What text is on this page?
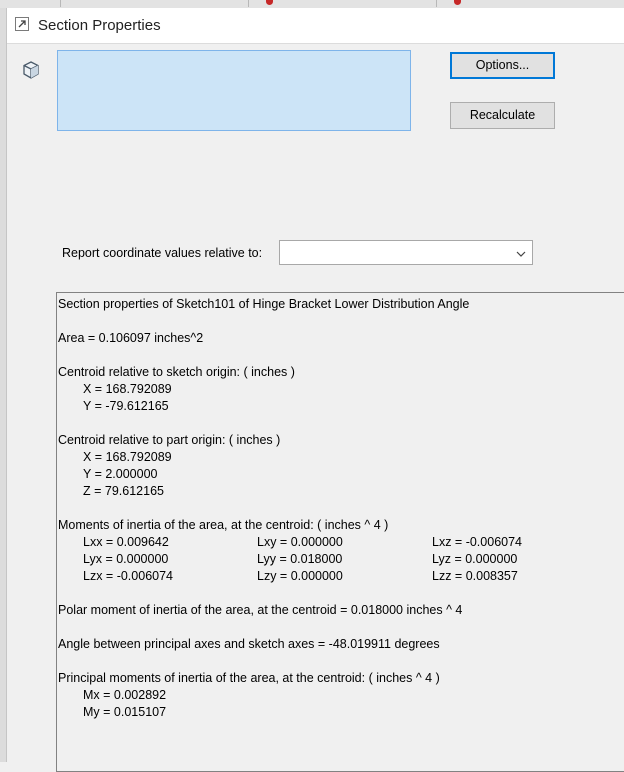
Section Properties
Options...
Recalculate
Report coordinate values relative to:
Section properties of Sketch101 of Hinge Bracket Lower Distribution Angle
Area = 0.106097 inches^2
Centroid relative to sketch origin: ( inches )
X = 168.792089
Y = -79.612165
Centroid relative to part origin: ( inches )
X = 168.792089
Y = 2.000000
Z = 79.612165
Moments of inertia of the area, at the centroid: ( inches ^ 4 )
Lxx = 0.009642	Lxy = 0.000000	Lxz = -0.006074
Lyx = 0.000000	Lyy = 0.018000	Lyz = 0.000000
Lzx = -0.006074	Lzy = 0.000000	Lzz = 0.008357
Polar moment of inertia of the area, at the centroid = 0.018000 inches ^ 4
Angle between principal axes and sketch axes = -48.019911 degrees
Principal moments of inertia of the area, at the centroid: ( inches ^ 4 )
Mx = 0.002892
My = 0.015107
